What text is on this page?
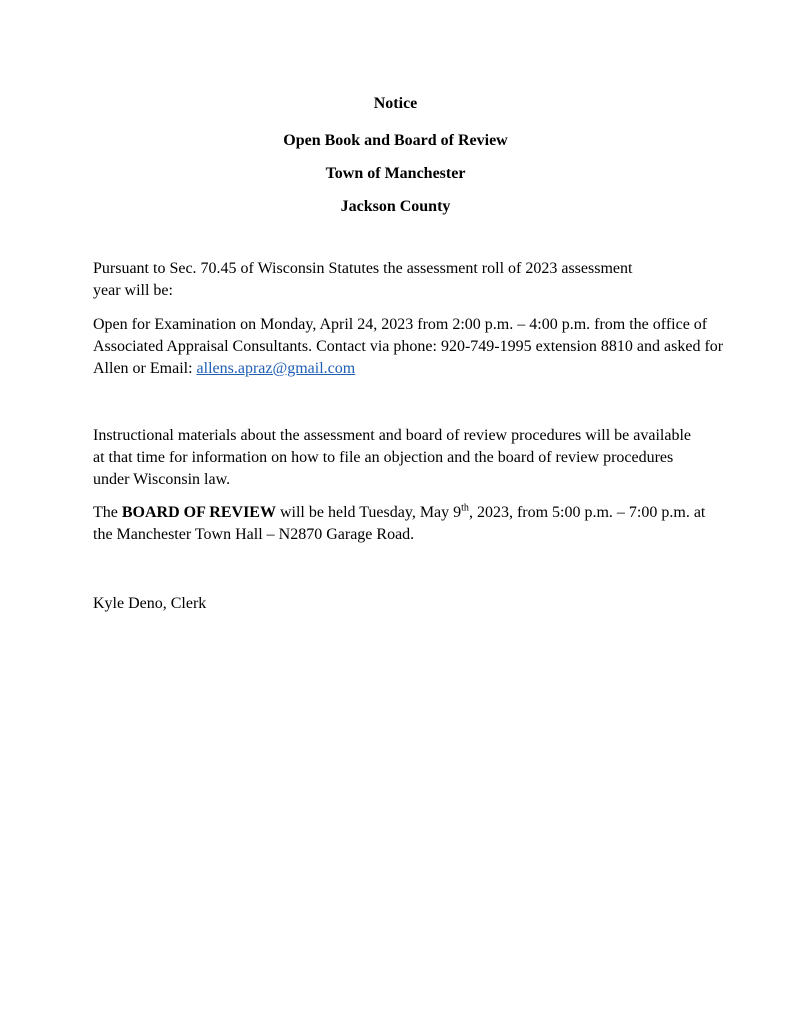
Notice

Open Book and Board of Review

Town of Manchester

Jackson County

Pursuant to Sec. 70.45 of Wisconsin Statutes the assessment roll of 2023 assessment year will be:

Open for Examination on Monday, April 24, 2023 from 2:00 p.m. – 4:00 p.m. from the office of Associated Appraisal Consultants. Contact via phone: 920-749-1995 extension 8810 and asked for Allen or Email: allens.apraz@gmail.com

Instructional materials about the assessment and board of review procedures will be available at that time for information on how to file an objection and the board of review procedures under Wisconsin law.

The BOARD OF REVIEW will be held Tuesday, May 9th, 2023, from 5:00 p.m. – 7:00 p.m. at the Manchester Town Hall – N2870 Garage Road.

Kyle Deno, Clerk
